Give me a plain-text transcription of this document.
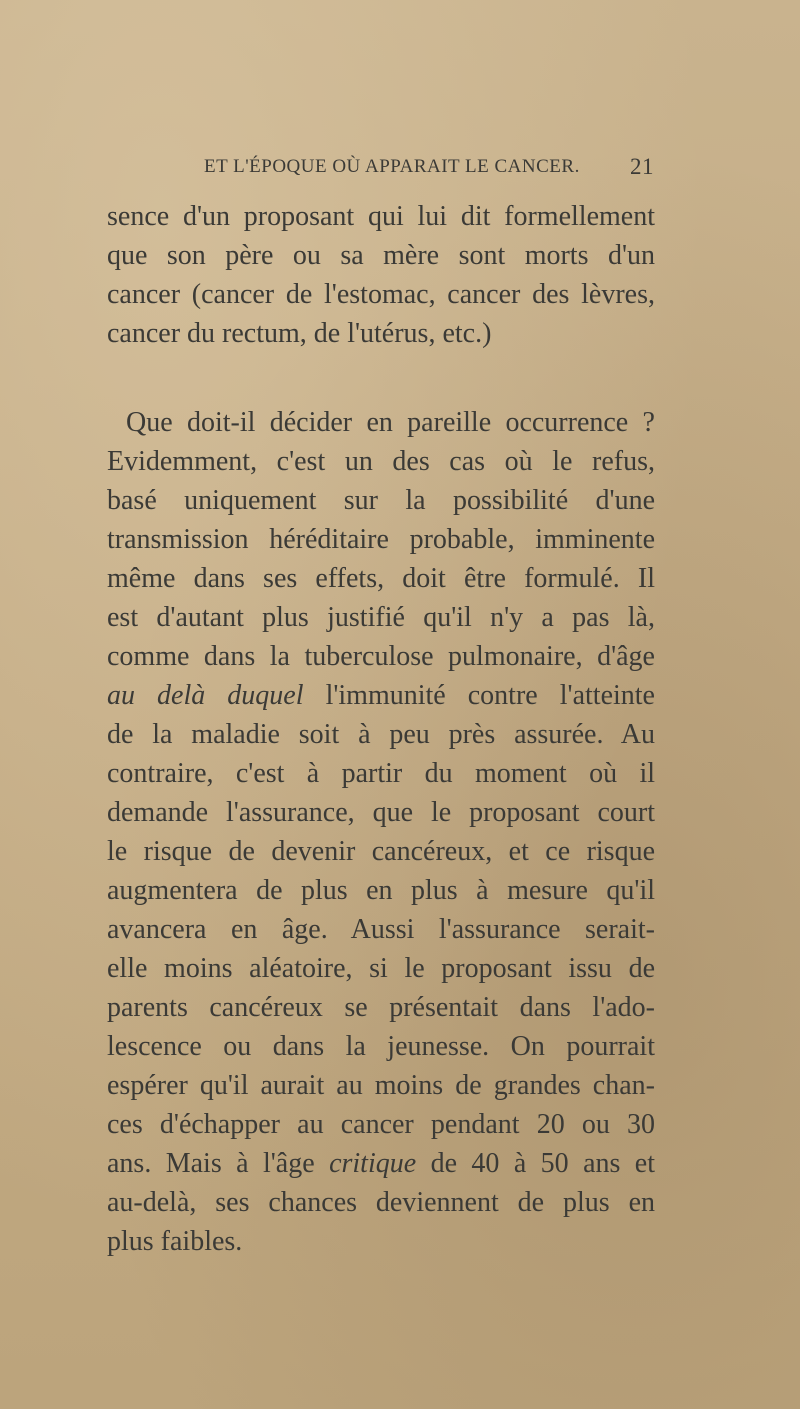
ET L'ÉPOQUE OÙ APPARAIT LE CANCER. 21
sence d'un proposant qui lui dit formellement
que son père ou sa mère sont morts d'un
cancer (cancer de l'estomac, cancer des lèvres,
cancer du rectum, de l'utérus, etc.)
Que doit-il décider en pareille occurrence ?
Evidemment, c'est un des cas où le refus,
basé uniquement sur la possibilité d'une
transmission héréditaire probable, imminente
même dans ses effets, doit être formulé. Il
est d'autant plus justifié qu'il n'y a pas là,
comme dans la tuberculose pulmonaire, d'âge
au delà duquel l'immunité contre l'atteinte
de la maladie soit à peu près assurée. Au
contraire, c'est à partir du moment où il
demande l'assurance, que le proposant court
le risque de devenir cancéreux, et ce risque
augmentera de plus en plus à mesure qu'il
avancera en âge. Aussi l'assurance serait-
elle moins aléatoire, si le proposant issu de
parents cancéreux se présentait dans l'ado-
lescence ou dans la jeunesse. On pourrait
espérer qu'il aurait au moins de grandes chan-
ces d'échapper au cancer pendant 20 ou 30
ans. Mais à l'âge critique de 40 à 50 ans et
au-delà, ses chances deviennent de plus en
plus faibles.
